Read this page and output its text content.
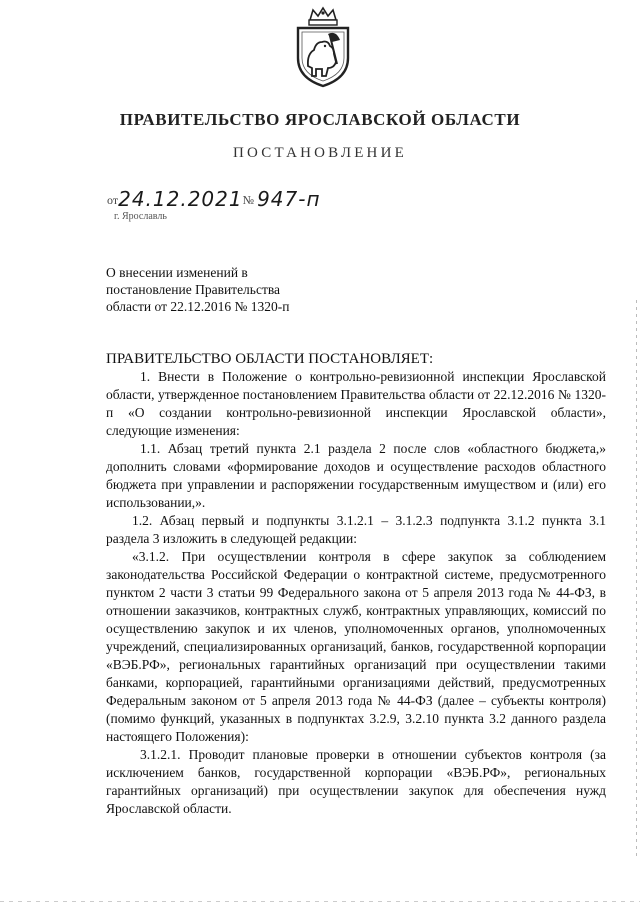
ПРАВИТЕЛЬСТВО ЯРОСЛАВСКОЙ ОБЛАСТИ
ПОСТАНОВЛЕНИЕ
от24.12.2021№ 947-п
г. Ярославль
О внесении изменений в
постановление Правительства
области от 22.12.2016 № 1320-п

ПРАВИТЕЛЬСТВО ОБЛАСТИ ПОСТАНОВЛЯЕТ:

1. Внести в Положение о контрольно-ревизионной инспекции Ярославской области, утвержденное постановлением Правительства области от 22.12.2016 № 1320-п «О создании контрольно-ревизионной инспекции Ярославской области», следующие изменения:

1.1. Абзац третий пункта 2.1 раздела 2 после слов «областного бюджета,» дополнить словами «формирование доходов и осуществление расходов областного бюджета при управлении и распоряжении государственным имуществом и (или) его использовании,».

1.2. Абзац первый и подпункты 3.1.2.1 – 3.1.2.3 подпункта 3.1.2 пункта 3.1 раздела 3 изложить в следующей редакции:

«3.1.2. При осуществлении контроля в сфере закупок за соблюдением законодательства Российской Федерации о контрактной системе, предусмотренного пунктом 2 части 3 статьи 99 Федерального закона от 5 апреля 2013 года № 44-ФЗ, в отношении заказчиков, контрактных служб, контрактных управляющих, комиссий по осуществлению закупок и их членов, уполномоченных органов, уполномоченных учреждений, специализированных организаций, банков, государственной корпорации «ВЭБ.РФ», региональных гарантийных организаций при осуществлении такими банками, корпорацией, гарантийными организациями действий, предусмотренных Федеральным законом от 5 апреля 2013 года № 44-ФЗ (далее – субъекты контроля) (помимо функций, указанных в подпунктах 3.2.9, 3.2.10 пункта 3.2 данного раздела настоящего Положения):

3.1.2.1. Проводит плановые проверки в отношении субъектов контроля (за исключением банков, государственной корпорации «ВЭБ.РФ», региональных гарантийных организаций) при осуществлении закупок для обеспечения нужд Ярославской области.
